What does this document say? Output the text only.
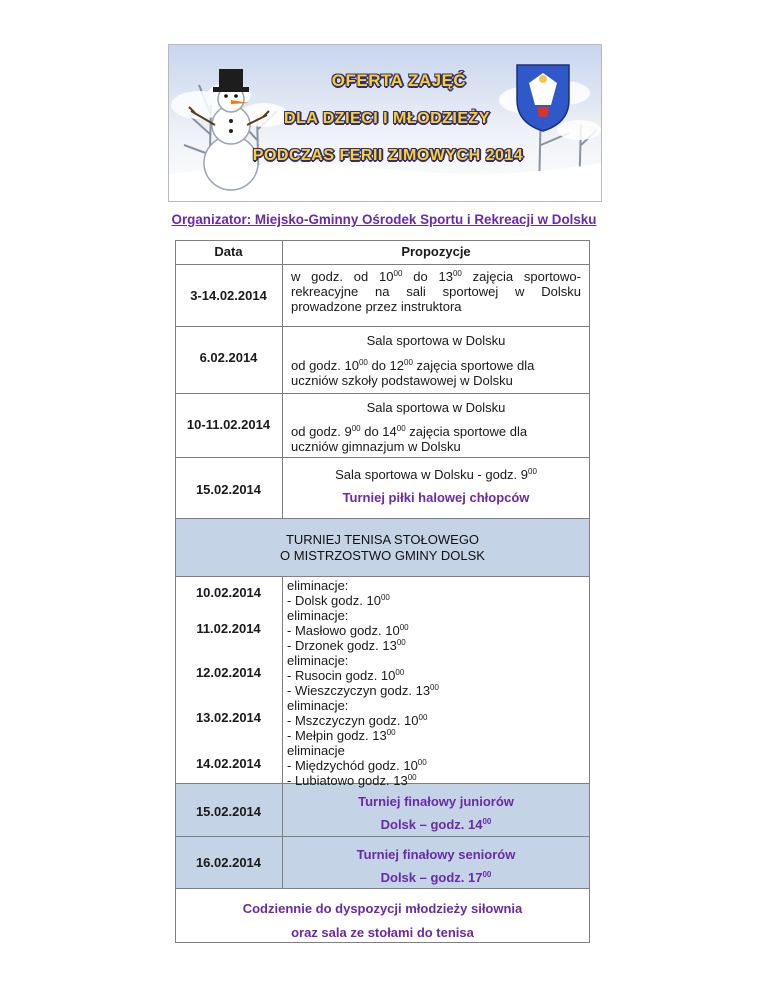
OFERTA ZAJĘĆ
DLA DZIECI I MŁODZIEŻY
PODCZAS FERII ZIMOWYCH 2014
Organizator: Miejsko-Gminny Ośrodek Sportu i Rekreacji w Dolsku
Data	Propozycje
3-14.02.2014
w godz. od $10^{00}$ do $13^{00}$ zajęcia sportowo-
rekreacyjne na sali sportowej w Dolsku
prowadzone przez instruktora
6.02.2014
Sala sportowa w Dolsku
od godz. $10^{00}$ do $12^{00}$ zajęcia sportowe dla
uczniów szkoły podstawowej w Dolsku
10-11.02.2014
Sala sportowa w Dolsku
od godz. $9^{00}$ do $14^{00}$ zajęcia sportowe dla
uczniów gimnazjum w Dolsku
15.02.2014
Sala sportowa w Dolsku - godz. $9^{00}$
Turniej piłki halowej chłopców
TURNIEJ TENISA STOŁOWEGO
O MISTRZOSTWO GMINY DOLSK
10.02.2014
11.02.2014
12.02.2014
13.02.2014
14.02.2014
eliminacje:
- Dolsk godz. $10^{00}$
eliminacje:
- Masłowo godz. $10^{00}$
- Drzonek godz. $13^{00}$
eliminacje:
- Rusocin godz. $10^{00}$
- Wieszczyczyn godz. $13^{00}$
eliminacje:
- Mszczyczyn godz. $10^{00}$
- Mełpin godz. $13^{00}$
eliminacje
- Międzychód godz. $10^{00}$
- Lubiatowo godz. $13^{00}$
15.02.2014
Turniej finałowy juniorów
Dolsk – godz. $14^{00}$
16.02.2014
Turniej finałowy seniorów
Dolsk – godz. $17^{00}$
Codziennie do dyspozycji młodzieży siłownia
oraz sala ze stołami do tenisa
